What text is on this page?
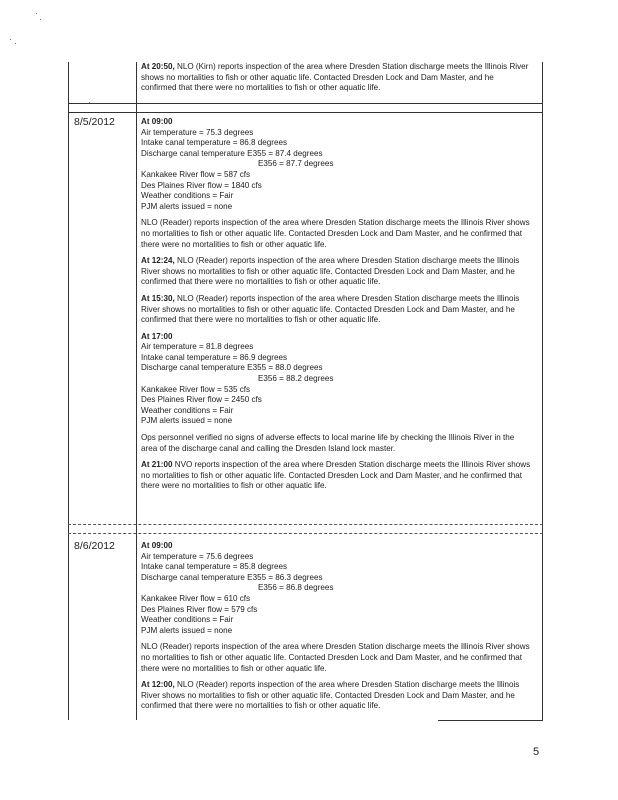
At 20:50, NLO (Kirn) reports inspection of the area where Dresden Station discharge meets the Illinois River shows no mortalities to fish or other aquatic life. Contacted Dresden Lock and Dam Master, and he confirmed that there were no mortalities to fish or other aquatic life.

8/5/2012	At 09:00
Air temperature = 75.3 degrees
Intake canal temperature = 86.8 degrees
Discharge canal temperature E355 = 87.4 degrees
E356 = 87.7 degrees
Kankakee River flow = 587 cfs
Des Plaines River flow = 1840 cfs
Weather conditions = Fair
PJM alerts issued = none

NLO (Reader) reports inspection of the area where Dresden Station discharge meets the Illinois River shows no mortalities to fish or other aquatic life. Contacted Dresden Lock and Dam Master, and he confirmed that there were no mortalities to fish or other aquatic life.

At 12:24, NLO (Reader) reports inspection of the area where Dresden Station discharge meets the Illinois River shows no mortalities to fish or other aquatic life. Contacted Dresden Lock and Dam Master, and he confirmed that there were no mortalities to fish or other aquatic life.

At 15:30, NLO (Reader) reports inspection of the area where Dresden Station discharge meets the Illinois River shows no mortalities to fish or other aquatic life. Contacted Dresden Lock and Dam Master, and he confirmed that there were no mortalities to fish or other aquatic life.

At 17:00
Air temperature = 81.8 degrees
Intake canal temperature = 86.9 degrees
Discharge canal temperature E355 = 88.0 degrees
E356 = 88.2 degrees
Kankakee River flow = 535 cfs
Des Plaines River flow = 2450 cfs
Weather conditions = Fair
PJM alerts issued = none

Ops personnel verified no signs of adverse effects to local marine life by checking the Illinois River in the area of the discharge canal and calling the Dresden Island lock master.

At 21:00 NVO reports inspection of the area where Dresden Station discharge meets the Illinois River shows no mortalities to fish or other aquatic life. Contacted Dresden Lock and Dam Master, and he confirmed that there were no mortalities to fish or other aquatic life.

8/6/2012	At 09:00
Air temperature = 75.6 degrees
Intake canal temperature = 85.8 degrees
Discharge canal temperature E355 = 86.3 degrees
E356 = 86.8 degrees
Kankakee River flow = 610 cfs
Des Plaines River flow = 579 cfs
Weather conditions = Fair
PJM alerts issued = none

NLO (Reader) reports inspection of the area where Dresden Station discharge meets the Illinois River shows no mortalities to fish or other aquatic life. Contacted Dresden Lock and Dam Master, and he confirmed that there were no mortalities to fish or other aquatic life.

At 12:00, NLO (Reader) reports inspection of the area where Dresden Station discharge meets the Illinois River shows no mortalities to fish or other aquatic life. Contacted Dresden Lock and Dam Master, and he confirmed that there were no mortalities to fish or other aquatic life.

5
